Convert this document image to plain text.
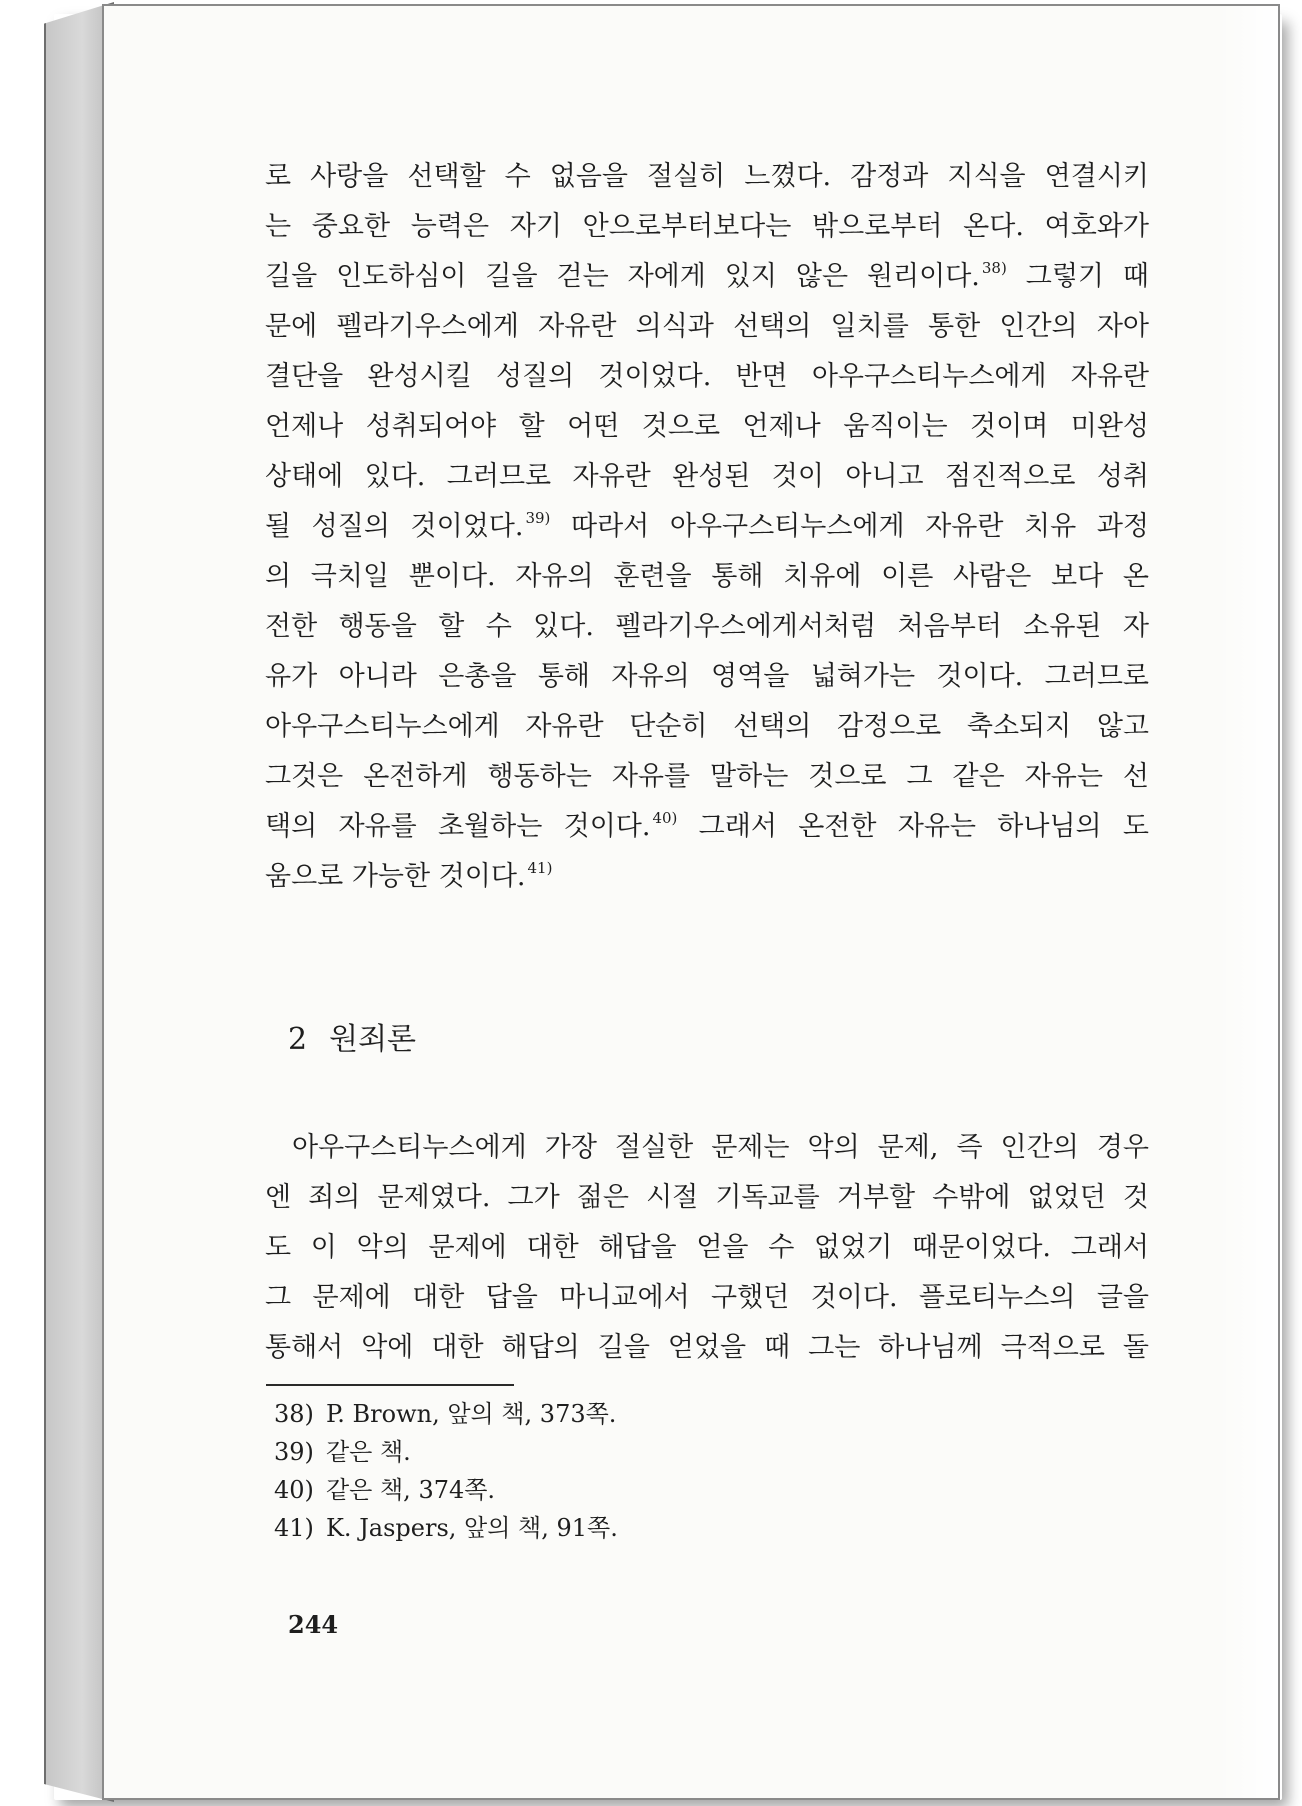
로 사랑을 선택할 수 없음을 절실히 느꼈다. 감정과 지식을 연결시키
는 중요한 능력은 자기 안으로부터보다는 밖으로부터 온다. 여호와가
길을 인도하심이 길을 걷는 자에게 있지 않은 원리이다. $^{38)}$ 그렇기 때
문에 펠라기우스에게 자유란 의식과 선택의 일치를 통한 인간의 자아
결단을 완성시킬 성질의 것이었다. 반면 아우구스티누스에게 자유란
언제나 성취되어야 할 어떤 것으로 언제나 움직이는 것이며 미완성
상태에 있다. 그러므로 자유란 완성된 것이 아니고 점진적으로 성취
될 성질의 것이었다. $^{39)}$ 따라서 아우구스티누스에게 자유란 치유 과정
의 극치일 뿐이다. 자유의 훈련을 통해 치유에 이른 사람은 보다 온
전한 행동을 할 수 있다. 펠라기우스에게서처럼 처음부터 소유된 자
유가 아니라 은총을 통해 자유의 영역을 넓혀가는 것이다. 그러므로
아우구스티누스에게 자유란 단순히 선택의 감정으로 축소되지 않고
그것은 온전하게 행동하는 자유를 말하는 것으로 그 같은 자유는 선
택의 자유를 초월하는 것이다. $^{40)}$ 그래서 온전한 자유는 하나님의 도
움으로 가능한 것이다. $^{41)}$
2 원죄론
아우구스티누스에게 가장 절실한 문제는 악의 문제, 즉 인간의 경우
엔 죄의 문제였다. 그가 젊은 시절 기독교를 거부할 수밖에 없었던 것
도 이 악의 문제에 대한 해답을 얻을 수 없었기 때문이었다. 그래서
그 문제에 대한 답을 마니교에서 구했던 것이다. 플로티누스의 글을
통해서 악에 대한 해답의 길을 얻었을 때 그는 하나님께 극적으로 돌
38) P. Brown, 앞의 책, 373쪽.
39) 같은 책.
40) 같은 책, 374쪽.
41) K. Jaspers, 앞의 책, 91쪽.
244
